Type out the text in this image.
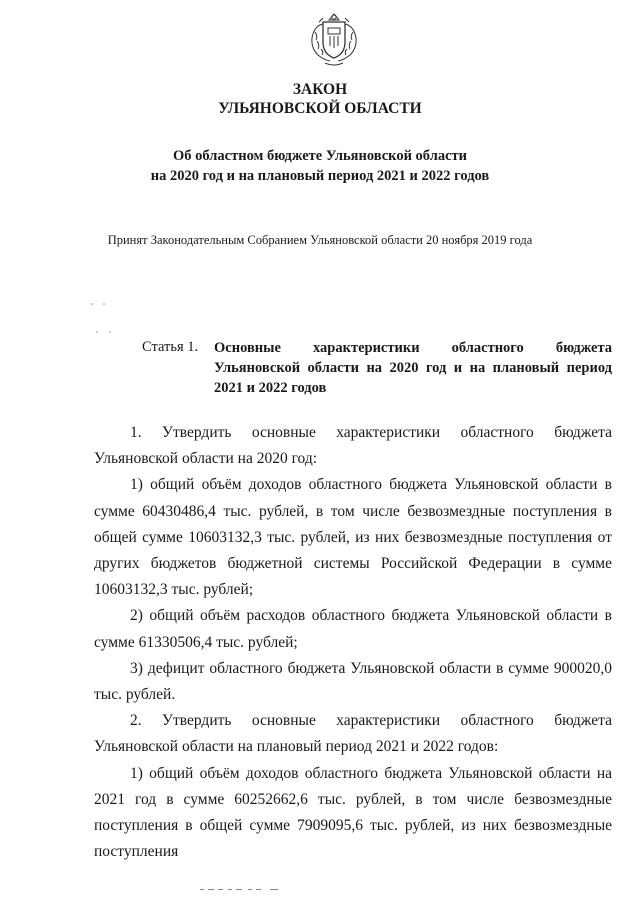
ЗАКОН
УЛЬЯНОВСКОЙ ОБЛАСТИ
Об областном бюджете Ульяновской области
на 2020 год и на плановый период 2021 и 2022 годов
Принят Законодательным Собранием Ульяновской области 20 ноября 2019 года
Статья 1. Основные характеристики областного бюджета Ульяновской области на 2020 год и на плановый период 2021 и 2022 годов

1. Утвердить основные характеристики областного бюджета Ульяновской области на 2020 год:

1) общий объём доходов областного бюджета Ульяновской области в сумме 60430486,4 тыс. рублей, в том числе безвозмездные поступления в общей сумме 10603132,3 тыс. рублей, из них безвозмездные поступления от других бюджетов бюджетной системы Российской Федерации в сумме 10603132,3 тыс. рублей;

2) общий объём расходов областного бюджета Ульяновской области в сумме 61330506,4 тыс. рублей;

3) дефицит областного бюджета Ульяновской области в сумме 900020,0 тыс. рублей.

2. Утвердить основные характеристики областного бюджета Ульяновской области на плановый период 2021 и 2022 годов:

1) общий объём доходов областного бюджета Ульяновской области на 2021 год в сумме 60252662,6 тыс. рублей, в том числе безвозмездные поступления в общей сумме 7909095,6 тыс. рублей, из них безвозмездные поступления
